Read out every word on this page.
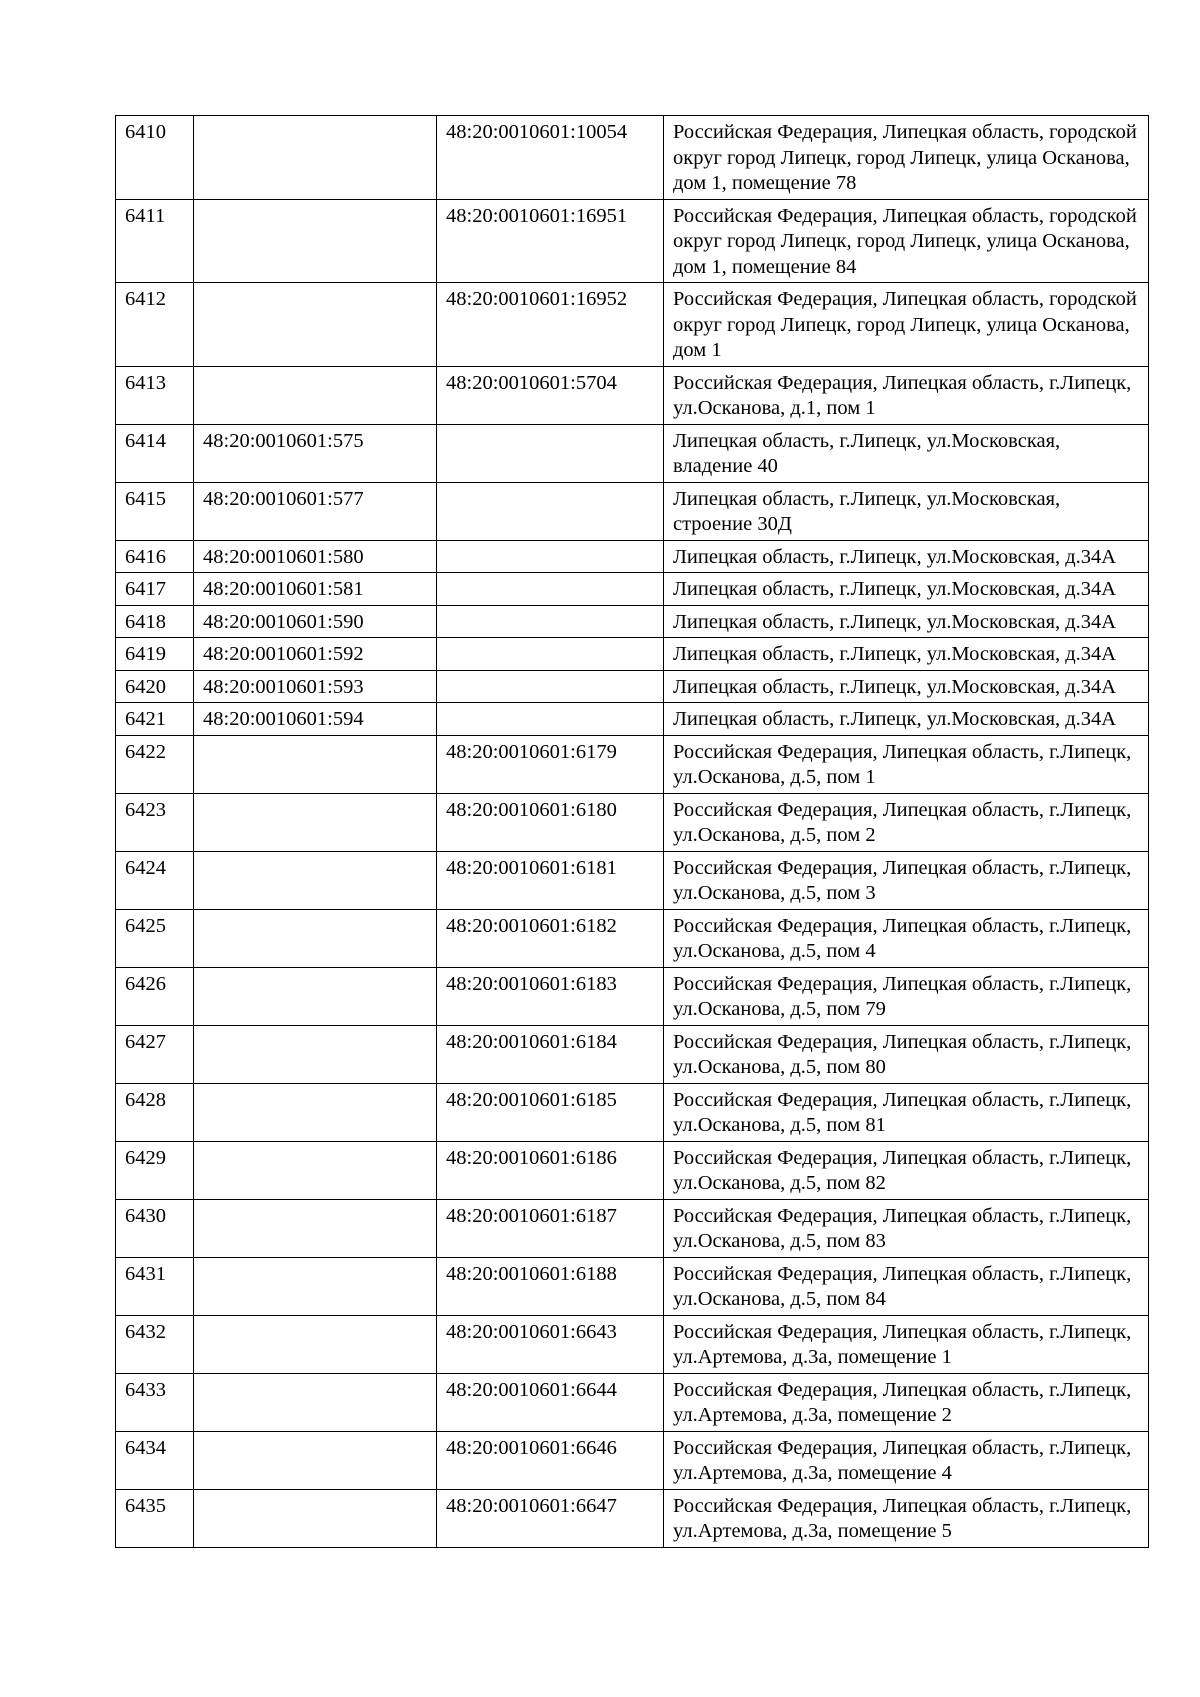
6410		48:20:0010601:10054	Российская Федерация, Липецкая область, городской округ город Липецк, город Липецк, улица Осканова, дом 1, помещение 78
6411		48:20:0010601:16951	Российская Федерация, Липецкая область, городской округ город Липецк, город Липецк, улица Осканова, дом 1, помещение 84
6412		48:20:0010601:16952	Российская Федерация, Липецкая область, городской округ город Липецк, город Липецк, улица Осканова, дом 1
6413		48:20:0010601:5704	Российская Федерация, Липецкая область, г.Липецк, ул.Осканова, д.1, пом 1
6414	48:20:0010601:575		Липецкая область, г.Липецк, ул.Московская, владение 40
6415	48:20:0010601:577		Липецкая область, г.Липецк, ул.Московская, строение 30Д
6416	48:20:0010601:580		Липецкая область, г.Липецк, ул.Московская, д.34А
6417	48:20:0010601:581		Липецкая область, г.Липецк, ул.Московская, д.34А
6418	48:20:0010601:590		Липецкая область, г.Липецк, ул.Московская, д.34А
6419	48:20:0010601:592		Липецкая область, г.Липецк, ул.Московская, д.34А
6420	48:20:0010601:593		Липецкая область, г.Липецк, ул.Московская, д.34А
6421	48:20:0010601:594		Липецкая область, г.Липецк, ул.Московская, д.34А
6422		48:20:0010601:6179	Российская Федерация, Липецкая область, г.Липецк, ул.Осканова, д.5, пом 1
6423		48:20:0010601:6180	Российская Федерация, Липецкая область, г.Липецк, ул.Осканова, д.5, пом 2
6424		48:20:0010601:6181	Российская Федерация, Липецкая область, г.Липецк, ул.Осканова, д.5, пом 3
6425		48:20:0010601:6182	Российская Федерация, Липецкая область, г.Липецк, ул.Осканова, д.5, пом 4
6426		48:20:0010601:6183	Российская Федерация, Липецкая область, г.Липецк, ул.Осканова, д.5, пом 79
6427		48:20:0010601:6184	Российская Федерация, Липецкая область, г.Липецк, ул.Осканова, д.5, пом 80
6428		48:20:0010601:6185	Российская Федерация, Липецкая область, г.Липецк, ул.Осканова, д.5, пом 81
6429		48:20:0010601:6186	Российская Федерация, Липецкая область, г.Липецк, ул.Осканова, д.5, пом 82
6430		48:20:0010601:6187	Российская Федерация, Липецкая область, г.Липецк, ул.Осканова, д.5, пом 83
6431		48:20:0010601:6188	Российская Федерация, Липецкая область, г.Липецк, ул.Осканова, д.5, пом 84
6432		48:20:0010601:6643	Российская Федерация, Липецкая область, г.Липецк, ул.Артемова, д.3а, помещение 1
6433		48:20:0010601:6644	Российская Федерация, Липецкая область, г.Липецк, ул.Артемова, д.3а, помещение 2
6434		48:20:0010601:6646	Российская Федерация, Липецкая область, г.Липецк, ул.Артемова, д.3а, помещение 4
6435		48:20:0010601:6647	Российская Федерация, Липецкая область, г.Липецк, ул.Артемова, д.3а, помещение 5
